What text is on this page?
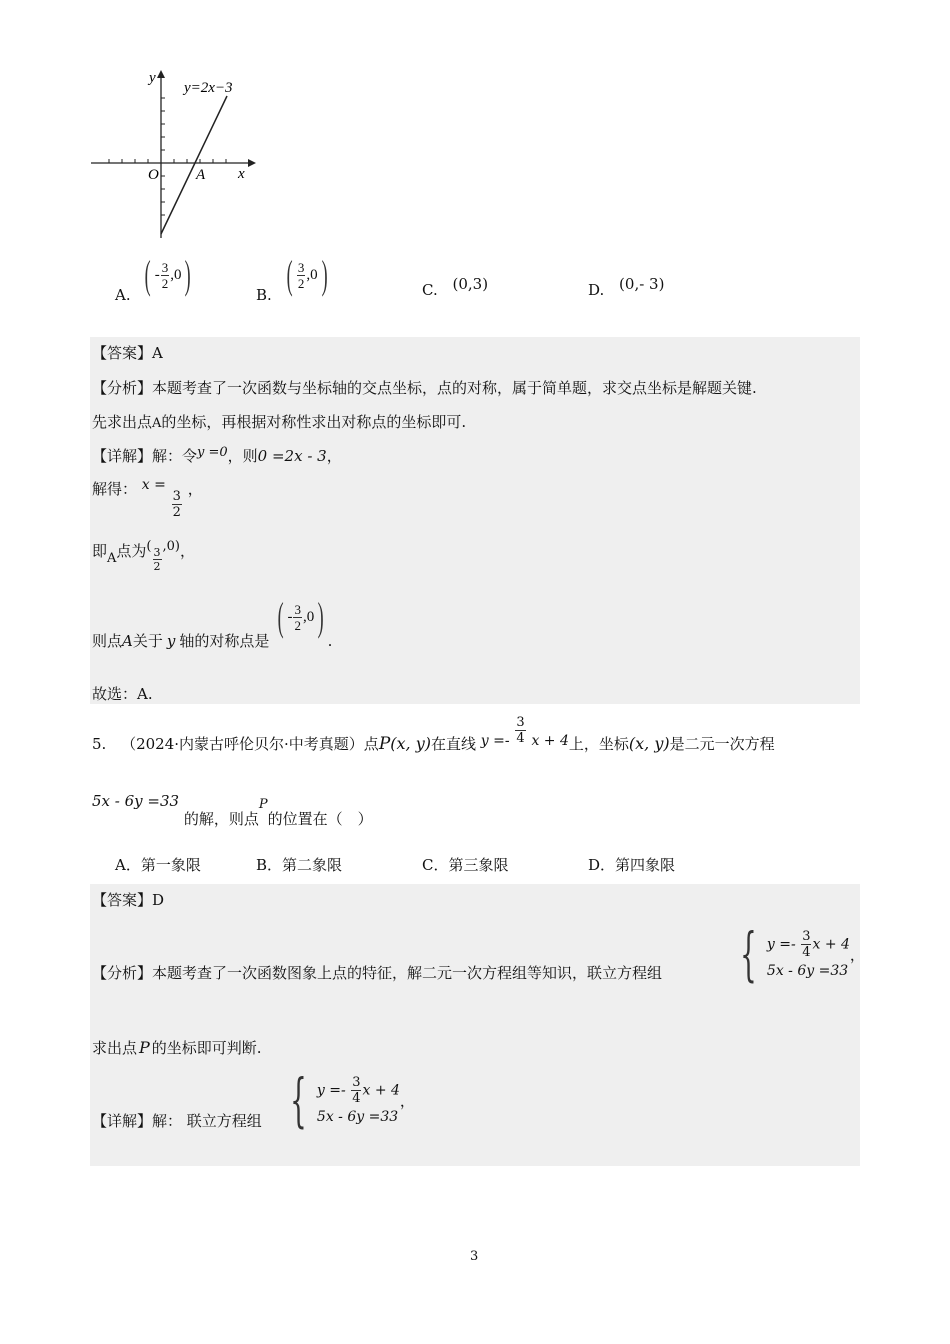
y=2x−3
y
x
O A
A. ( - $\frac{3}{2} ,0$ )	B. ( $\frac{3}{2} ,0$ )	C. (0,3)	D. (0,- 3)
【答案】A
【分析】本题考查了一次函数与坐标轴的交点坐标，点的对称，属于简单题，求交点坐标是解题关键.
先求出点A的坐标，再根据对称性求出对称点的坐标即可.
【详解】解：令y =0，则0 =2x - 3，
解得： x =
$\frac{3}{2}$
，
即A点为(
$\frac{3}{2}$
,0)，
则点A关于 y 轴的对称点是
( - $\frac{3}{2} ,0$ )
.
故选：A.
5. （2024·内蒙古呼伦贝尔·中考真题）点P(x, y)在直线 $y =- \frac{3}{4}$ x + 4上，坐标(x, y)是二元一次方程
5x - 6y =33 的解，则点P的位置在（　）
A．第一象限	B．第二象限	C．第三象限	D．第四象限
【答案】D
【分析】本题考查了一次函数图象上点的特征，解二元一次方程组等知识，联立方程组 { $y =- \frac{3}{4}$ x + 4
5x - 6y =33
，
求出点 P 的坐标即可判断.
【详解】解： 联立方程组 { $y =- \frac{3}{4}$ x + 4
5x - 6y =33
，
3
